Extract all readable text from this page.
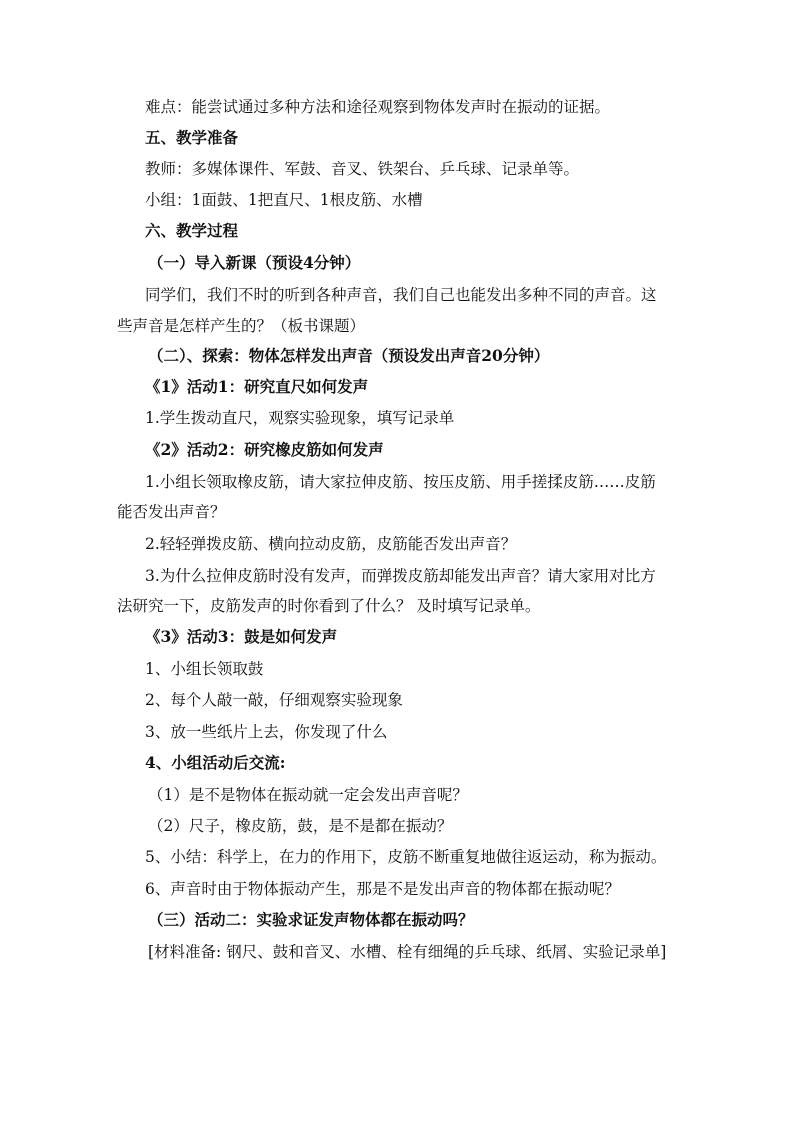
难点：能尝试通过多种方法和途径观察到物体发声时在振动的证据。
五、教学准备
教师：多媒体课件、军鼓、音叉、铁架台、乒乓球、记录单等。
小组：1面鼓、1把直尺、1根皮筋、水槽
六、教学过程
（一）导入新课（预设4分钟）
同学们，我们不时的听到各种声音，我们自己也能发出多种不同的声音。这
些声音是怎样产生的？（板书课题）
（二）、探索：物体怎样发出声音（预设发出声音20分钟）
《1》活动1：研究直尺如何发声
1.学生拨动直尺，观察实验现象，填写记录单
《2》活动2：研究橡皮筋如何发声
1.小组长领取橡皮筋，请大家拉伸皮筋、按压皮筋、用手搓揉皮筋……皮筋
能否发出声音？
2.轻轻弹拨皮筋、横向拉动皮筋，皮筋能否发出声音？
3.为什么拉伸皮筋时没有发声，而弹拨皮筋却能发出声音？请大家用对比方
法研究一下，皮筋发声的时你看到了什么？ 及时填写记录单。
《3》活动3：鼓是如何发声
1、小组长领取鼓
2、每个人敲一敲，仔细观察实验现象
3、放一些纸片上去，你发现了什么
4、小组活动后交流:
（1）是不是物体在振动就一定会发出声音呢？
（2）尺子，橡皮筋，鼓，是不是都在振动？
5、小结：科学上，在力的作用下，皮筋不断重复地做往返运动，称为振动。
6、声音时由于物体振动产生，那是不是发出声音的物体都在振动呢？
（三）活动二：实验求证发声物体都在振动吗？
[材料准备: 钢尺、鼓和音叉、水槽、栓有细绳的乒乓球、纸屑、实验记录单]
